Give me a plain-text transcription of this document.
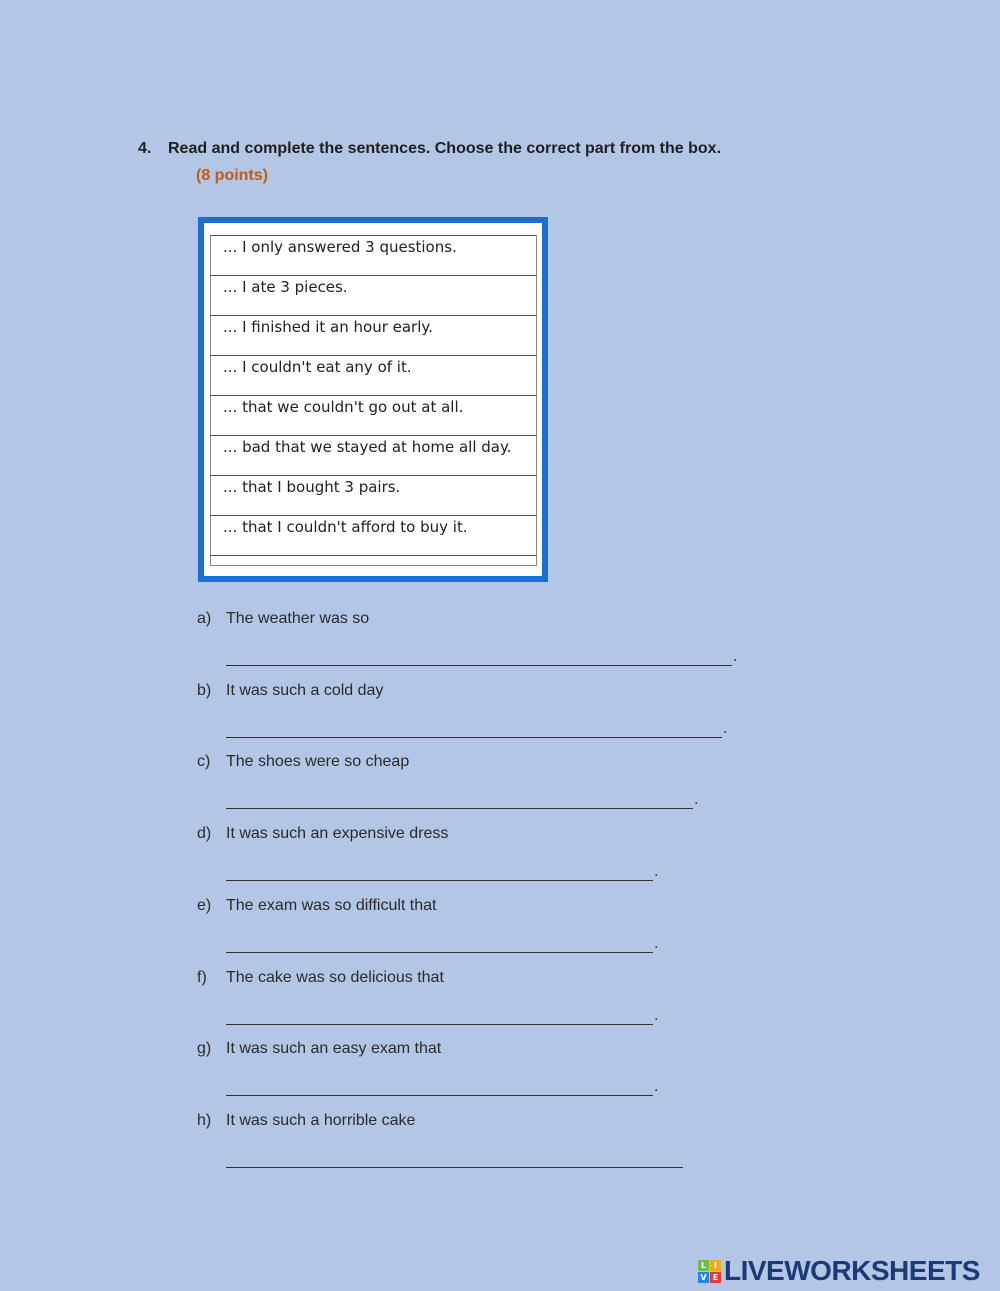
4. Read and complete the sentences. Choose the correct part from the box.
(8 points)
... I only answered 3 questions.
... I ate 3 pieces.
... I finished it an hour early.
... I couldn't eat any of it.
... that we couldn't go out at all.
... bad that we stayed at home all day.
... that I bought 3 pairs.
... that I couldn't afford to buy it.

a) The weather was so
.
b) It was such a cold day
.
c) The shoes were so cheap
.
d) It was such an expensive dress
.
e) The exam was so difficult that
.
f) The cake was so delicious that
.
g) It was such an easy exam that
.
h) It was such a horrible cake
L I
V E LIVEWORKSHEETS
